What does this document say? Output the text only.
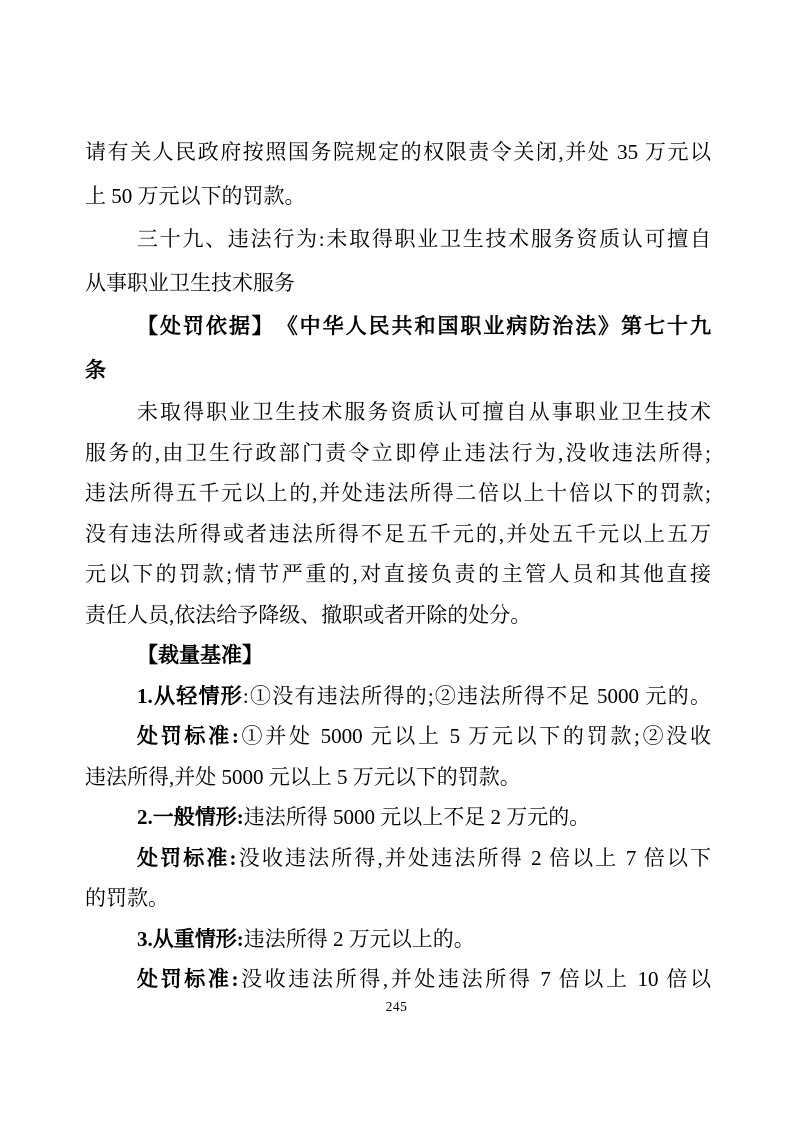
请有关人民政府按照国务院规定的权限责令关闭,并处 35 万元以
上 50 万元以下的罚款。
三十九、违法行为:未取得职业卫生技术服务资质认可擅自
从事职业卫生技术服务
【处罚依据】　《中华人民共和国职业病防治法》第七十九
条
未取得职业卫生技术服务资质认可擅自从事职业卫生技术
服务的,由卫生行政部门责令立即停止违法行为,没收违法所得;
违法所得五千元以上的,并处违法所得二倍以上十倍以下的罚款;
没有违法所得或者违法所得不足五千元的,并处五千元以上五万
元以下的罚款;情节严重的,对直接负责的主管人员和其他直接
责任人员,依法给予降级、撤职或者开除的处分。
【裁量基准】
1.从轻情形:①没有违法所得的;②违法所得不足 5000 元的。
处罚标准:①并处 5000 元以上 5 万元以下的罚款;②没收
违法所得,并处 5000 元以上 5 万元以下的罚款。
2.一般情形:违法所得 5000 元以上不足 2 万元的。
处罚标准:没收违法所得,并处违法所得 2 倍以上 7 倍以下
的罚款。
3.从重情形:违法所得 2 万元以上的。
处罚标准:没收违法所得,并处违法所得 7 倍以上 10 倍以
245
